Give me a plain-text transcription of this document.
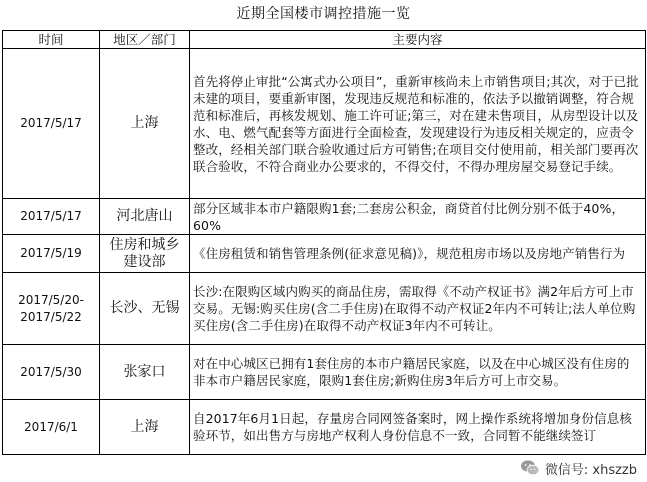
近期全国楼市调控措施一览
时间	地区／部门	主要内容
2017/5/17	上海	首先将停止审批“公寓式办公项目”，重新审核尚未上市销售项目;其次，对于已批未建的项目，要重新审图，发现违反规范和标准的，依法予以撤销调整，符合规范和标准后，再核发规划、施工许可证;第三，对在建未售项目，从房型设计以及水、电、燃气配套等方面进行全面检查，发现建设行为违反相关规定的，应责令整改，经相关部门联合验收通过后方可销售;在项目交付使用前，相关部门要再次联合验收，不符合商业办公要求的，不得交付，不得办理房屋交易登记手续。
2017/5/17	河北唐山	部分区域非本市户籍限购1套;二套房公积金，商贷首付比例分别不低于40%，60%
2017/5/19	住房和城乡建设部	《住房租赁和销售管理条例(征求意见稿)》，规范租房市场以及房地产销售行为
2017/5/20-2017/5/22	长沙、无锡	长沙:在限购区域内购买的商品住房，需取得《不动产权证书》满2年后方可上市交易。无锡:购买住房(含二手住房)在取得不动产权证2年内不可转让;法人单位购买住房(含二手住房)在取得不动产权证3年内不可转让。
2017/5/30	张家口	对在中心城区已拥有1套住房的本市户籍居民家庭，以及在中心城区没有住房的非本市户籍居民家庭，限购1套住房;新购住房3年后方可上市交易。
2017/6/1	上海	自2017年6月1日起，存量房合同网签备案时，网上操作系统将增加身份信息核验环节，如出售方与房地产权利人身份信息不一致，合同暂不能继续签订
微信号: xhszzb
